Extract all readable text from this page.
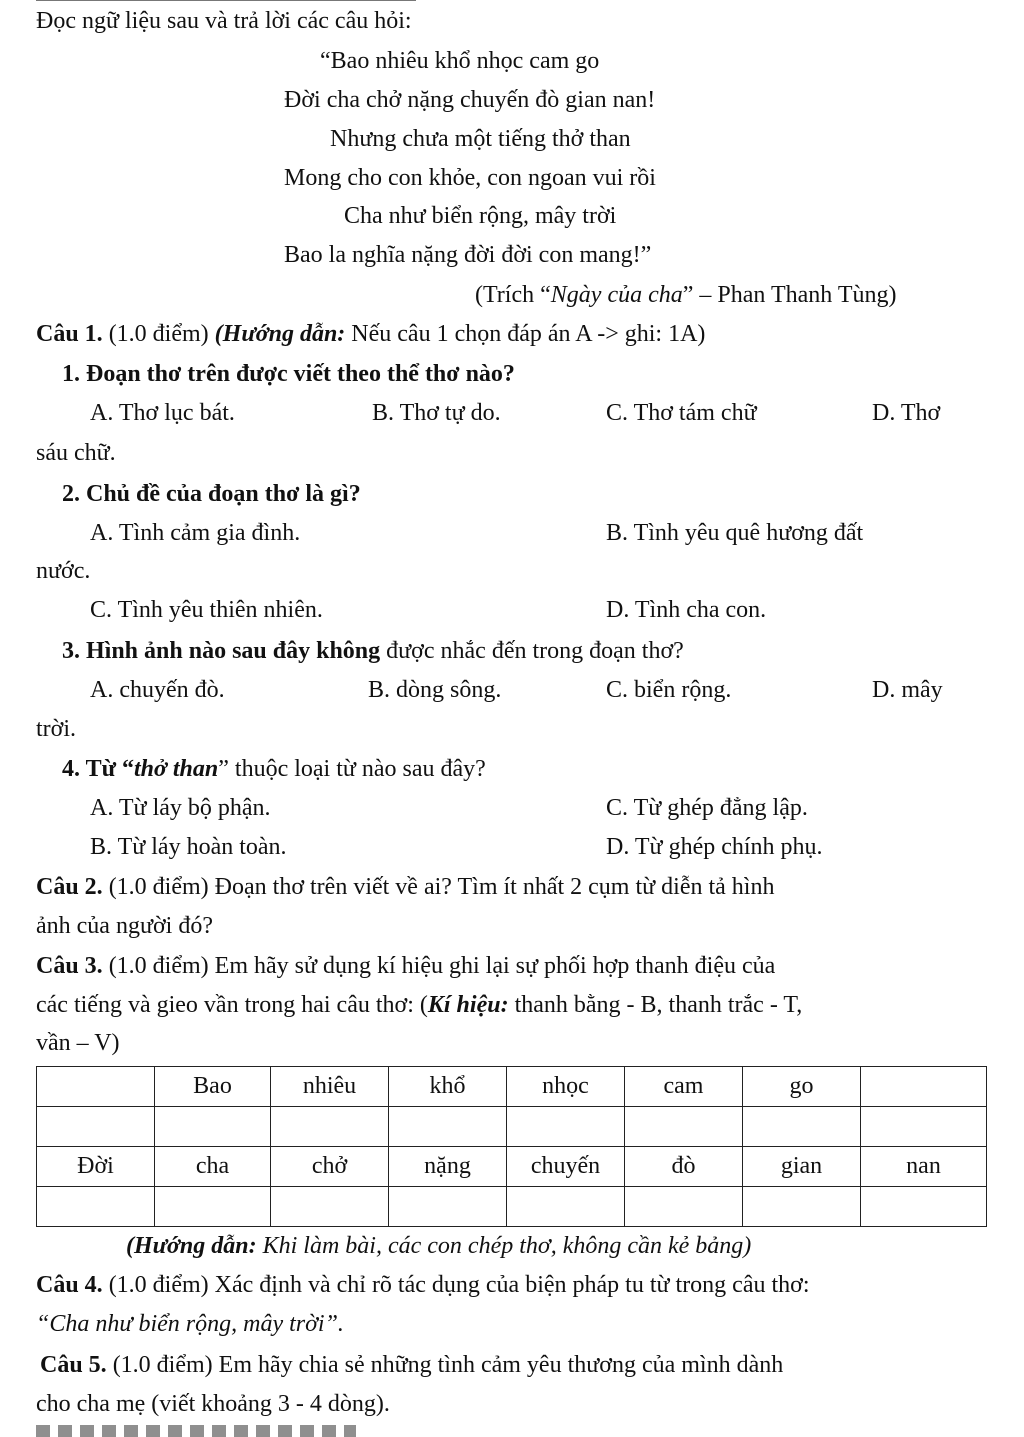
Đọc ngữ liệu sau và trả lời các câu hỏi:
“Bao nhiêu khổ nhọc cam go
Đời cha chở nặng chuyến đò gian nan!
Nhưng chưa một tiếng thở than
Mong cho con khỏe, con ngoan vui rồi
Cha như biển rộng, mây trời
Bao la nghĩa nặng đời đời con mang!”
(Trích “Ngày của cha” – Phan Thanh Tùng)
Câu 1. (1.0 điểm) (Hướng dẫn: Nếu câu 1 chọn đáp án A -> ghi: 1A)
1. Đoạn thơ trên được viết theo thể thơ nào?
A. Thơ lục bát.	B. Thơ tự do.	C. Thơ tám chữ	D. Thơ
sáu chữ.
2. Chủ đề của đoạn thơ là gì?
A. Tình cảm gia đình.	B. Tình yêu quê hương đất
nước.
C. Tình yêu thiên nhiên.	D. Tình cha con.
3. Hình ảnh nào sau đây không được nhắc đến trong đoạn thơ?
A. chuyến đò.	B. dòng sông.	C. biển rộng.	D. mây
trời.
4. Từ “thở than” thuộc loại từ nào sau đây?
A. Từ láy bộ phận.	C. Từ ghép đẳng lập.
B. Từ láy hoàn toàn.	D. Từ ghép chính phụ.
Câu 2. (1.0 điểm) Đoạn thơ trên viết về ai? Tìm ít nhất 2 cụm từ diễn tả hình
ảnh của người đó?
Câu 3. (1.0 điểm) Em hãy sử dụng kí hiệu ghi lại sự phối hợp thanh điệu của
các tiếng và gieo vần trong hai câu thơ: (Kí hiệu: thanh bằng - B, thanh trắc - T,
vần – V)
	Bao	nhiêu	khổ	nhọc	cam	go	

Đời	cha	chở	nặng	chuyến	đò	gian	nan

(Hướng dẫn: Khi làm bài, các con chép thơ, không cần kẻ bảng)
Câu 4. (1.0 điểm) Xác định và chỉ rõ tác dụng của biện pháp tu từ trong câu thơ:
“Cha như biển rộng, mây trời”.
Câu 5. (1.0 điểm) Em hãy chia sẻ những tình cảm yêu thương của mình dành
cho cha mẹ (viết khoảng 3 - 4 dòng).
